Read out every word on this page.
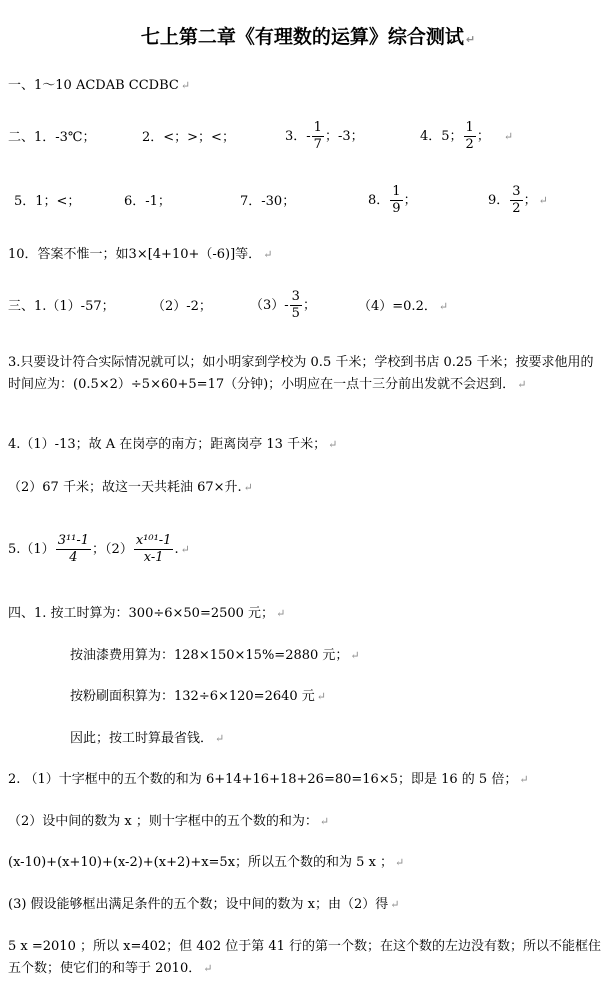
七上第二章《有理数的运算》综合测试 ↵
一、1～10 ACDAB CCDBC ↵
二、1．-3℃；	2．<；>；<；	3．- $\frac{1}{7}$ ；-3；	4．5； $\frac{1}{2}$ ； ↵
5．1；<；	6．-1；	7．-30；	8． $\frac{1}{9}$ ；	9． $\frac{3}{2}$ ； ↵
10．答案不惟一；如3×[4+10+（-6)]等． ↵
三、1.（1）-57；	（2）-2；	$(3)- \frac{3}{5}$ ；	（4）=0.2． ↵
3.只要设计符合实际情况就可以；如小明家到学校为 0.5 千米；学校到书店 0.25 千米；按要求他用的时间应为：(0.5×2）÷5×60+5=17（分钟)；小明应在一点十三分前出发就不会迟到． ↵
4.（1）-13；故 A 在岗亭的南方；距离岗亭 13 千米； ↵
（2）67 千米；故这一天共耗油 67×升. ↵
$5.(1) \frac{\text{3¹¹-1}}{4}$ ；$(2) \frac{\text{x¹⁰¹-1}}{x-1}$ . ↵
四、1. 按工时算为：300÷6×50=2500 元； ↵
按油漆费用算为：128×150×15%=2880 元； ↵
按粉刷面积算为：132÷6×120=2640 元 ↵
因此；按工时算最省钱． ↵
2. （1）十字框中的五个数的和为 6+14+16+18+26=80=16×5；即是 16 的 5 倍； ↵
（2）设中间的数为 x ；则十字框中的五个数的和为： ↵
(x-10)+(x+10)+(x-2)+(x+2)+x=5x；所以五个数的和为 5 x ； ↵
(3) 假设能够框出满足条件的五个数；设中间的数为 x；由（2）得 ↵
5 x =2010 ；所以 x=402；但 402 位于第 41 行的第一个数；在这个数的左边没有数；所以不能框住五个数；使它们的和等于 2010． ↵
